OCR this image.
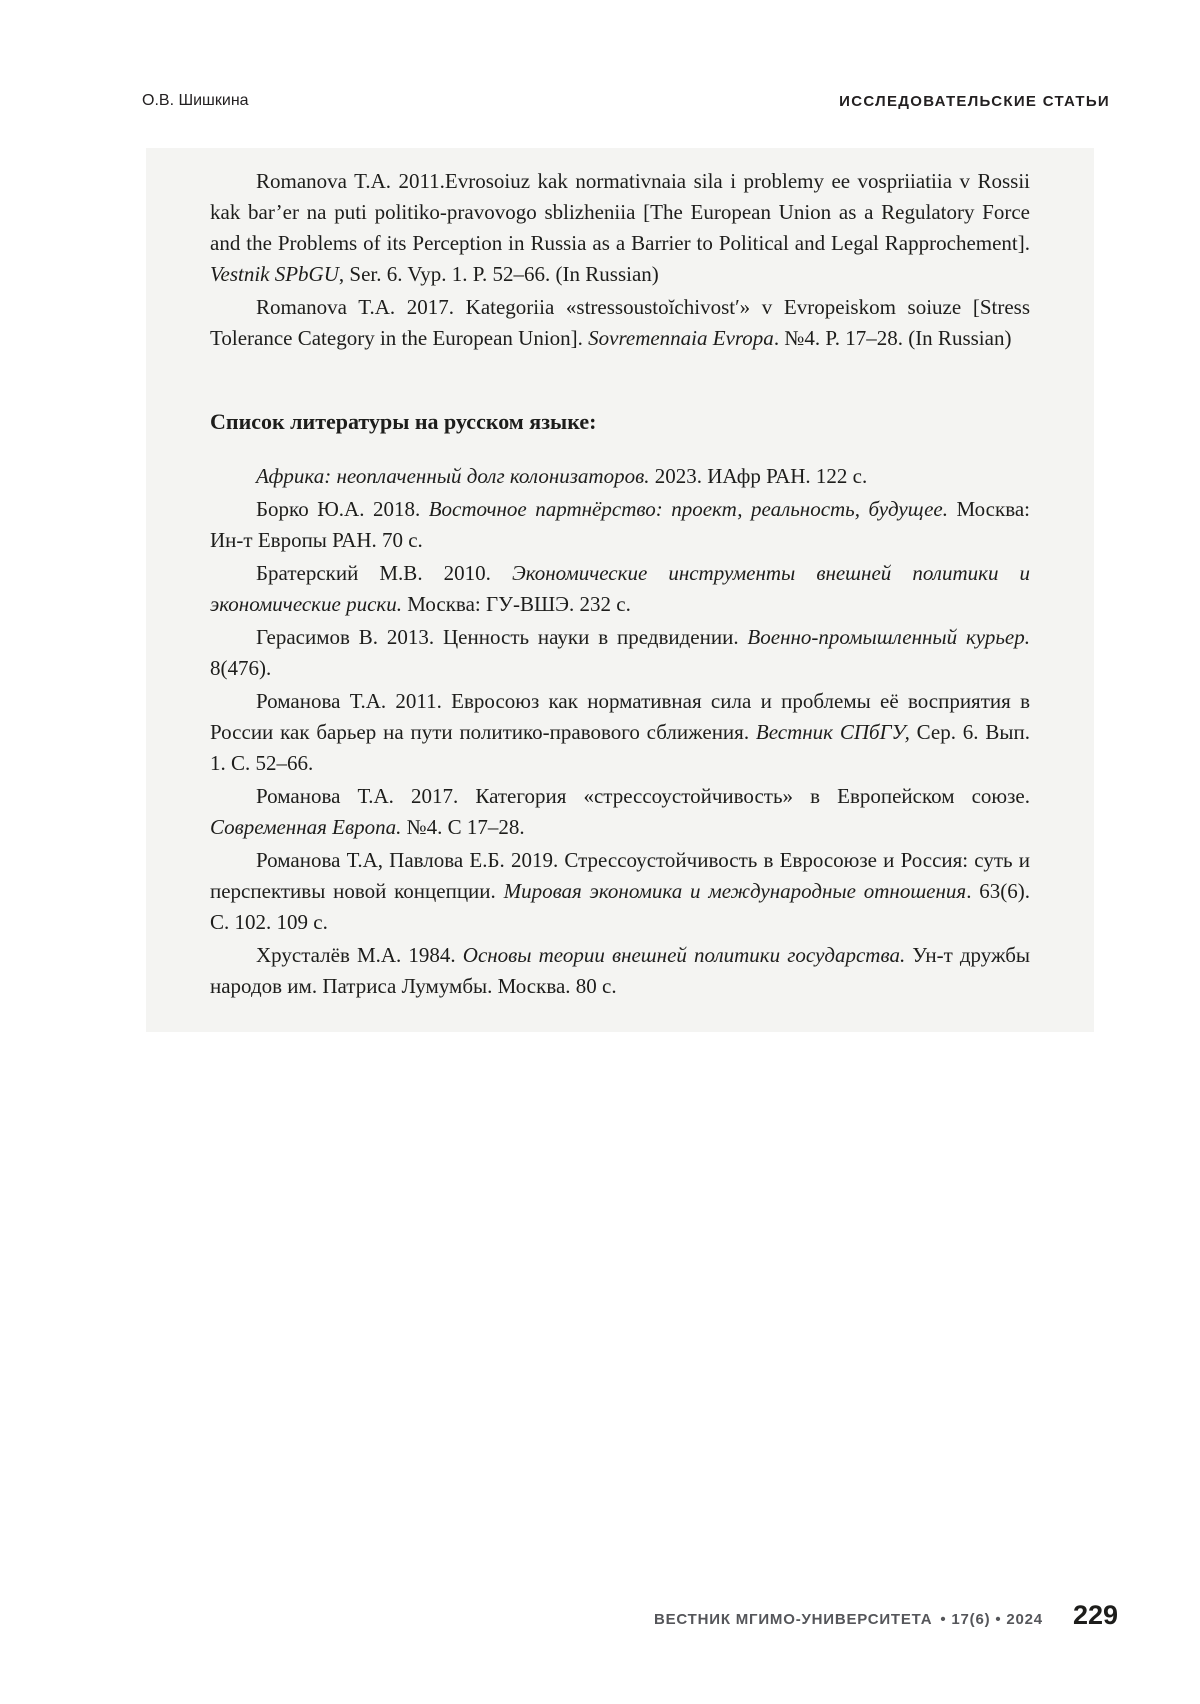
О.В. Шишкина	ИССЛЕДОВАТЕЛЬСКИЕ СТАТЬИ

Romanova T.A. 2011.Evrosoiuz kak normativnaia sila i problemy ee vospriiatiia v Rossii kak bar’er na puti politiko-pravovogo sblizheniia [The European Union as a Regulatory Force and the Problems of its Perception in Russia as a Barrier to Political and Legal Rapprochement]. Vestnik SPbGU, Ser. 6. Vyp. 1. P. 52–66. (In Russian)

Romanova T.A. 2017. Kategoriia «stressoustoĭchivost′» v Evropeiskom soiuze [Stress Tolerance Category in the European Union]. Sovremennaia Evropa. №4. P. 17–28. (In Russian)

Список литературы на русском языке:

Африка: неоплаченный долг колонизаторов. 2023. ИАфр РАН. 122 с.

Борко Ю.А. 2018. Восточное партнёрство: проект, реальность, будущее. Москва: Ин-т Европы РАН. 70 с.

Братерский М.В. 2010. Экономические инструменты внешней политики и экономические риски. Москва: ГУ-ВШЭ. 232 с.

Герасимов В. 2013. Ценность науки в предвидении. Военно-промышленный курьер. 8(476).

Романова Т.А. 2011. Евросоюз как нормативная сила и проблемы её восприятия в России как барьер на пути политико-правового сближения. Вестник СПбГУ, Сер. 6. Вып. 1. С. 52–66.

Романова Т.А. 2017. Категория «стрессоустойчивость» в Европейском союзе. Современная Европа. №4. С 17–28.

Романова Т.А, Павлова Е.Б. 2019. Стрессоустойчивость в Евросоюзе и Россия: суть и перспективы новой концепции. Мировая экономика и международные отношения. 63(6). С. 102. 109 с.

Хрусталёв М.А. 1984. Основы теории внешней политики государства. Ун-т дружбы народов им. Патриса Лумумбы. Москва. 80 с.

ВЕСТНИК МГИМО-УНИВЕРСИТЕТА • 17(6) • 2024 229
